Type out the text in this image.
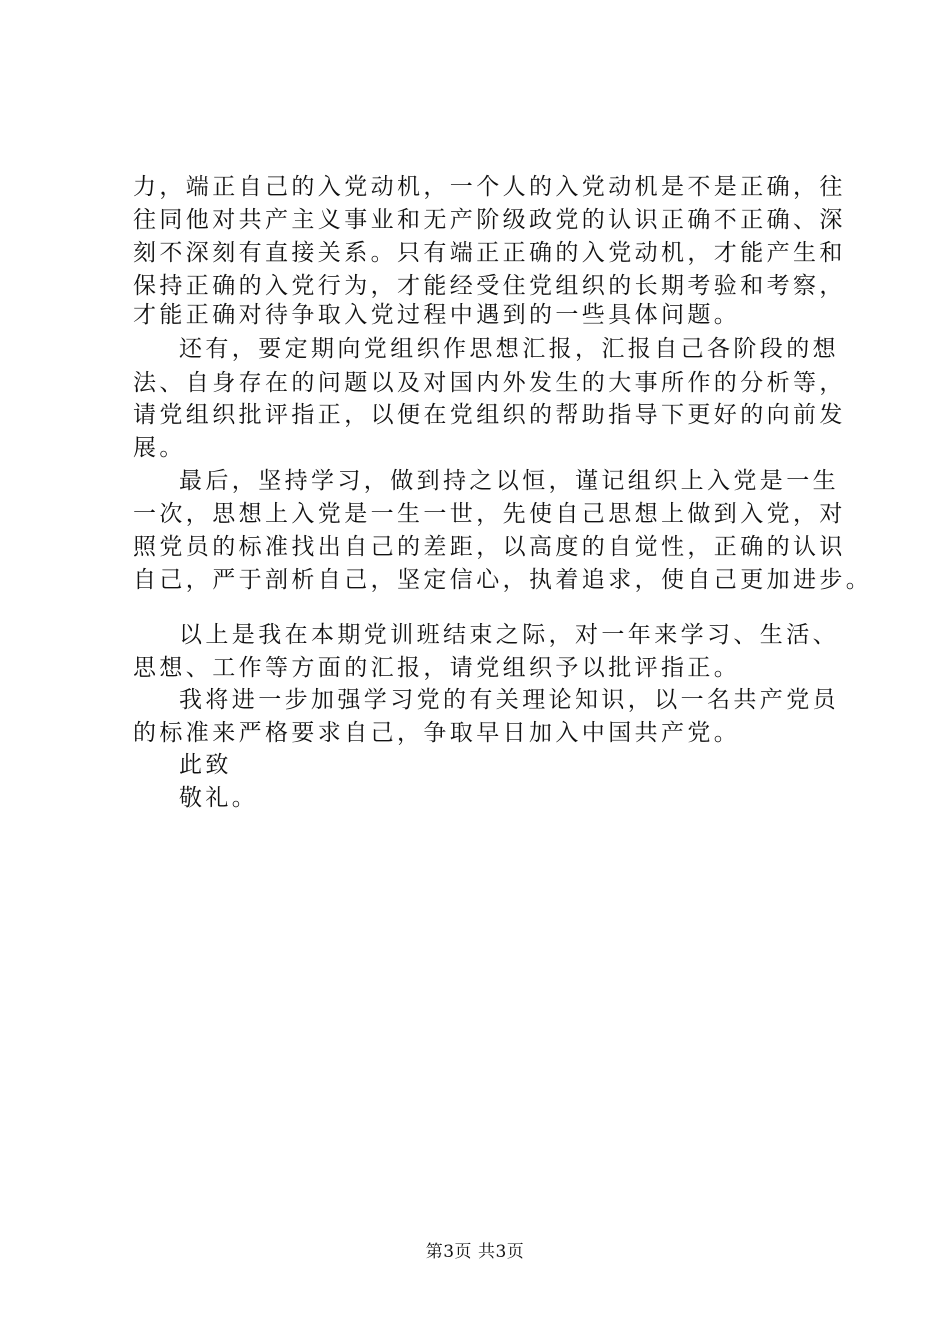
力，端正自己的入党动机，一个人的入党动机是不是正确，往
往同他对共产主义事业和无产阶级政党的认识正确不正确、深
刻不深刻有直接关系。只有端正正确的入党动机，才能产生和
保持正确的入党行为，才能经受住党组织的长期考验和考察，
才能正确对待争取入党过程中遇到的一些具体问题。
还有，要定期向党组织作思想汇报，汇报自己各阶段的想
法、自身存在的问题以及对国内外发生的大事所作的分析等，
请党组织批评指正，以便在党组织的帮助指导下更好的向前发
展。
最后，坚持学习，做到持之以恒，谨记组织上入党是一生
一次，思想上入党是一生一世，先使自己思想上做到入党，对
照党员的标准找出自己的差距，以高度的自觉性，正确的认识
自己，严于剖析自己，坚定信心，执着追求，使自己更加进步。
以上是我在本期党训班结束之际，对一年来学习、生活、
思想、工作等方面的汇报，请党组织予以批评指正。
我将进一步加强学习党的有关理论知识，以一名共产党员
的标准来严格要求自己，争取早日加入中国共产党。
此致
敬礼。
第3页 共3页
